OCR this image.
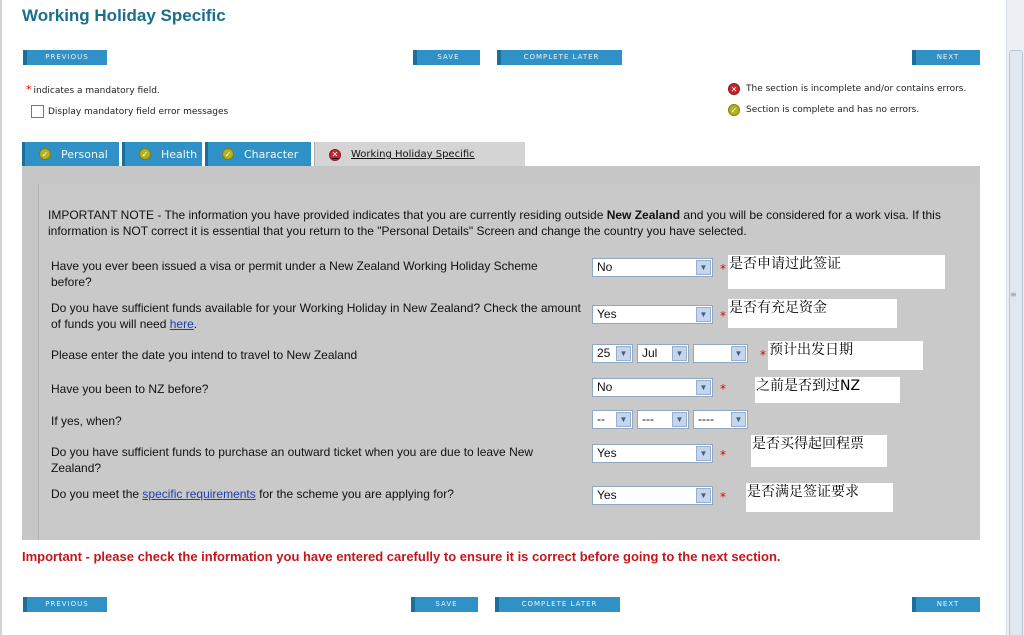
≡
Working Holiday Specific
PREVIOUS	SAVE	COMPLETE LATER	NEXT
* indicates a mandatory field.
Display mandatory field error messages
✕ The section is incomplete and/or contains errors.
✓ Section is complete and has no errors.
✓ Personal	✓ Health	✓ Character	✕ Working Holiday Specific
IMPORTANT NOTE - The information you have provided indicates that you are currently residing outside New Zealand and you will be considered for a work visa. If this information is NOT correct it is essential that you return to the "Personal Details" Screen and change the country you have selected.
Have you ever been issued a visa or permit under a New Zealand Working Holiday Scheme before?
No	▼ * 是否申请过此签证
Do you have sufficient funds available for your Working Holiday in New Zealand? Check the amount of funds you will need here.
Yes	▼ * 是否有充足资金
Please enter the date you intend to travel to New Zealand	25	▼	Jul	▼	▼ * 预计出发日期
Have you been to NZ before?	No	▼ * 之前是否到过NZ
If yes, when?	--	▼	---	▼	----	▼
Do you have sufficient funds to purchase an outward ticket when you are due to leave New Zealand?
Yes	▼ *
是否买得起回程票
Do you meet the specific requirements for the scheme you are applying for?	Yes	▼ * 是否满足签证要求
Important - please check the information you have entered carefully to ensure it is correct before going to the next section.
PREVIOUS	SAVE	COMPLETE LATER	NEXT
